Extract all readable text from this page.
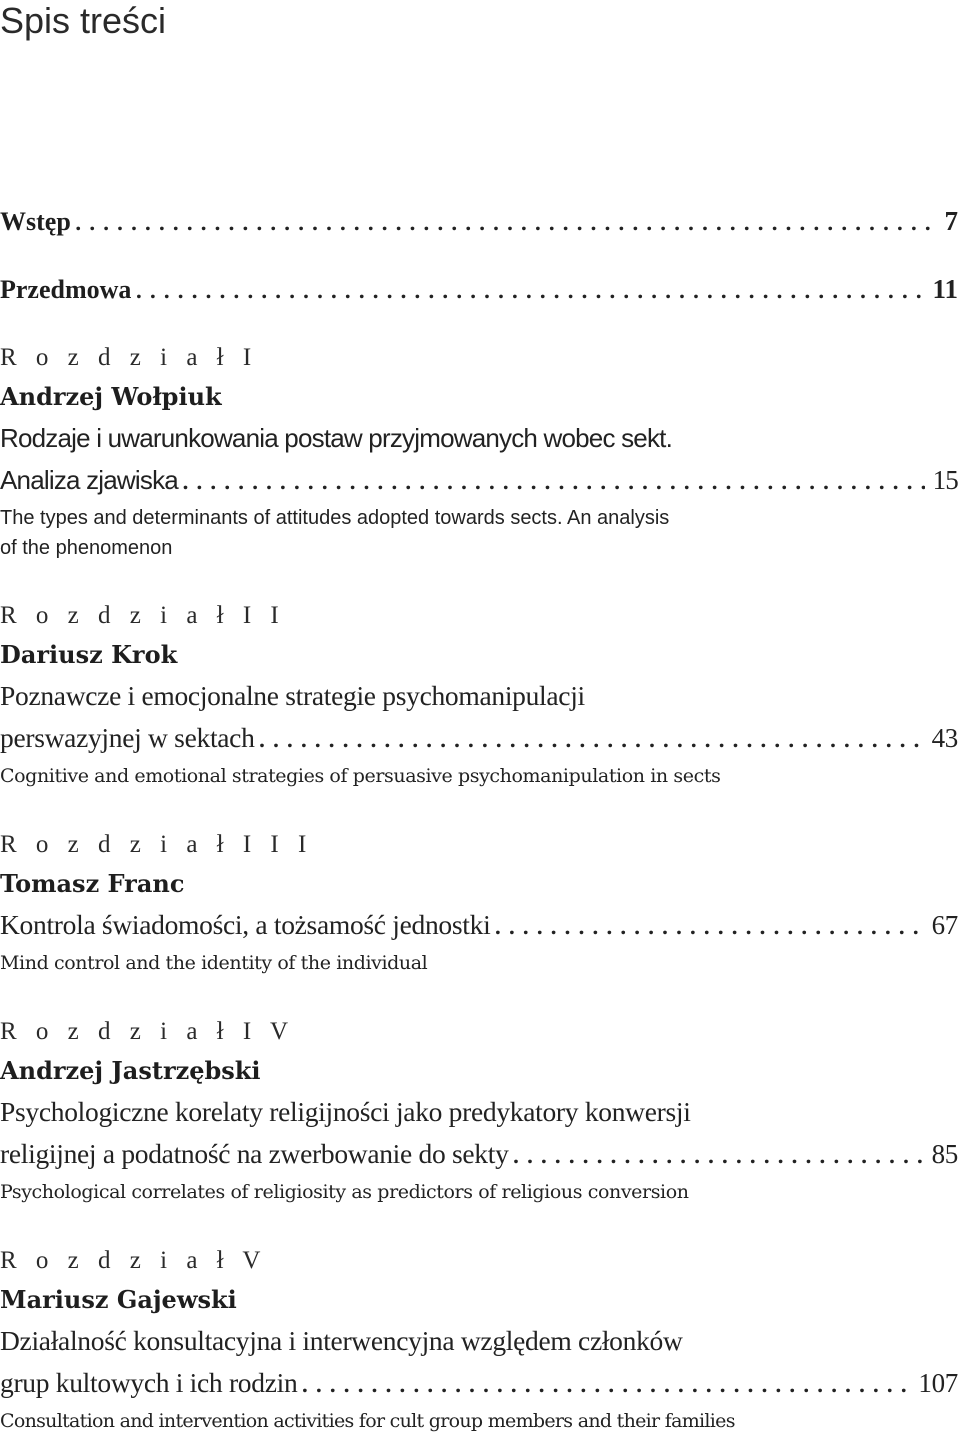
Spis treści
Wstęp . . .	7
Przedmowa . . .	11
R o z d z i a ł I
Andrzej Wołpiuk
Rodzaje i uwarunkowania postaw przyjmowanych wobec sekt.
Analiza zjawiska . . .	15
The types and determinants of attitudes adopted towards sects. An analysis
of the phenomenon
R o z d z i a ł I I
Dariusz Krok
Poznawcze i emocjonalne strategie psychomanipulacji
perswazyjnej w sektach . . .	43
Cognitive and emotional strategies of persuasive psychomanipulation in sects
R o z d z i a ł I I I
Tomasz Franc
Kontrola świadomości, a tożsamość jednostki . . .	67
Mind control and the identity of the individual
R o z d z i a ł I V
Andrzej Jastrzębski
Psychologiczne korelaty religijności jako predykatory konwersji
religijnej a podatność na zwerbowanie do sekty . . .	85
Psychological correlates of religiosity as predictors of religious conversion
R o z d z i a ł V
Mariusz Gajewski
Działalność konsultacyjna i interwencyjna względem członków
grup kultowych i ich rodzin . . .	107
Consultation and intervention activities for cult group members and their families
